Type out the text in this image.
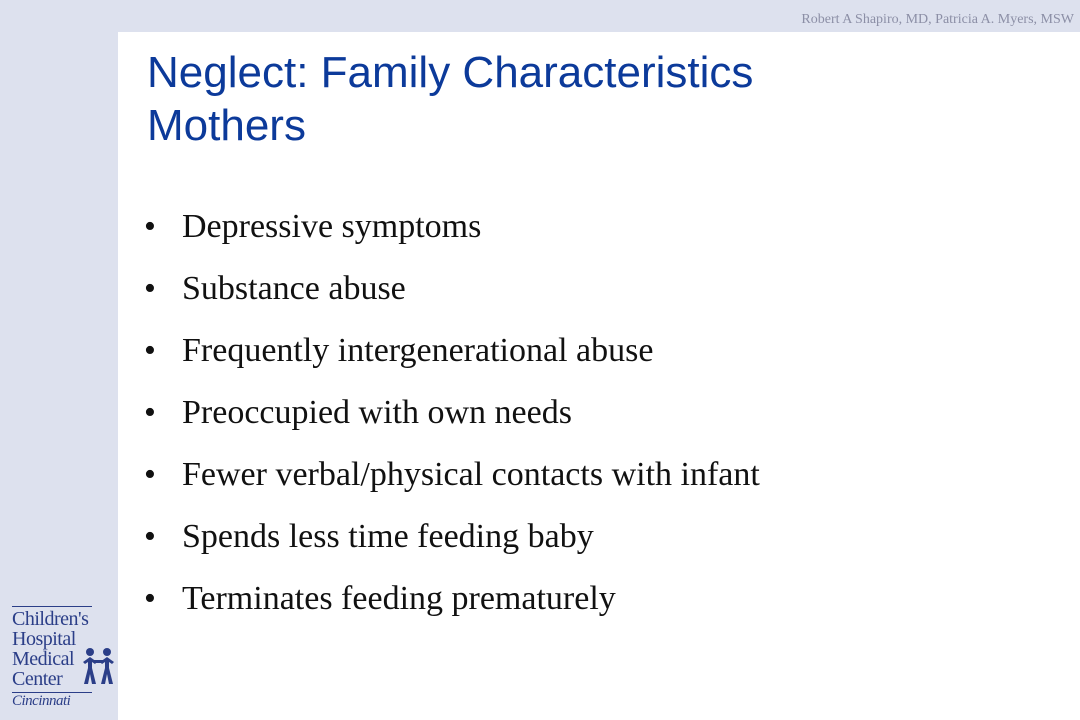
Robert A Shapiro, MD, Patricia A. Myers, MSW
Neglect: Family Characteristics
Mothers
• Depressive symptoms
• Substance abuse
• Frequently intergenerational abuse
• Preoccupied with own needs
• Fewer verbal/physical contacts with infant
• Spends less time feeding baby
• Terminates feeding prematurely
Children's
Hospital
Medical
Center
Cincinnati
